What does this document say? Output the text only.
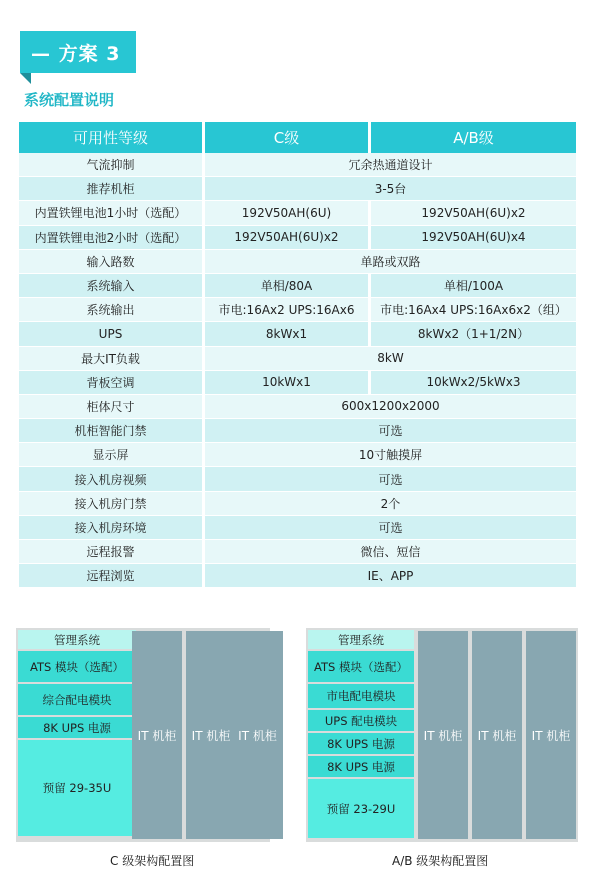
— 方案 3
系统配置说明
可用性等级	C级	A/B级
气流抑制	冗余热通道设计	
推荐机柜	3-5台	
内置铁锂电池1小时（选配）	192V50AH(6U)	192V50AH(6U)x2
内置铁锂电池2小时（选配）	192V50AH(6U)x2	192V50AH(6U)x4
输入路数	单路或双路	
系统输入	单相/80A	单相/100A
系统输出	市电:16Ax2 UPS:16Ax6	市电:16Ax4 UPS:16Ax6x2（组）
UPS	8kWx1	8kWx2（1+1/2N）
最大IT负载	8kW	
背板空调	10kWx1	10kWx2/5kWx3
柜体尺寸	600x1200x2000	
机柜智能门禁	可选	
显示屏	10寸触摸屏	
接入机房视频	可选	
接入机房门禁	2个	
接入机房环境	可选	
远程报警	微信、短信	
远程浏览	IE、APP	
管理系统
ATS 模块（选配）
综合配电模块
8K UPS 电源
预留 29-35U
IT 机柜	IT 机柜 IT 机柜
C 级架构配置图
管理系统
ATS 模块（选配）
市电配电模块
UPS 配电模块
8K UPS 电源
8K UPS 电源
预留 23-29U
IT 机柜	IT 机柜	IT 机柜
A/B 级架构配置图
